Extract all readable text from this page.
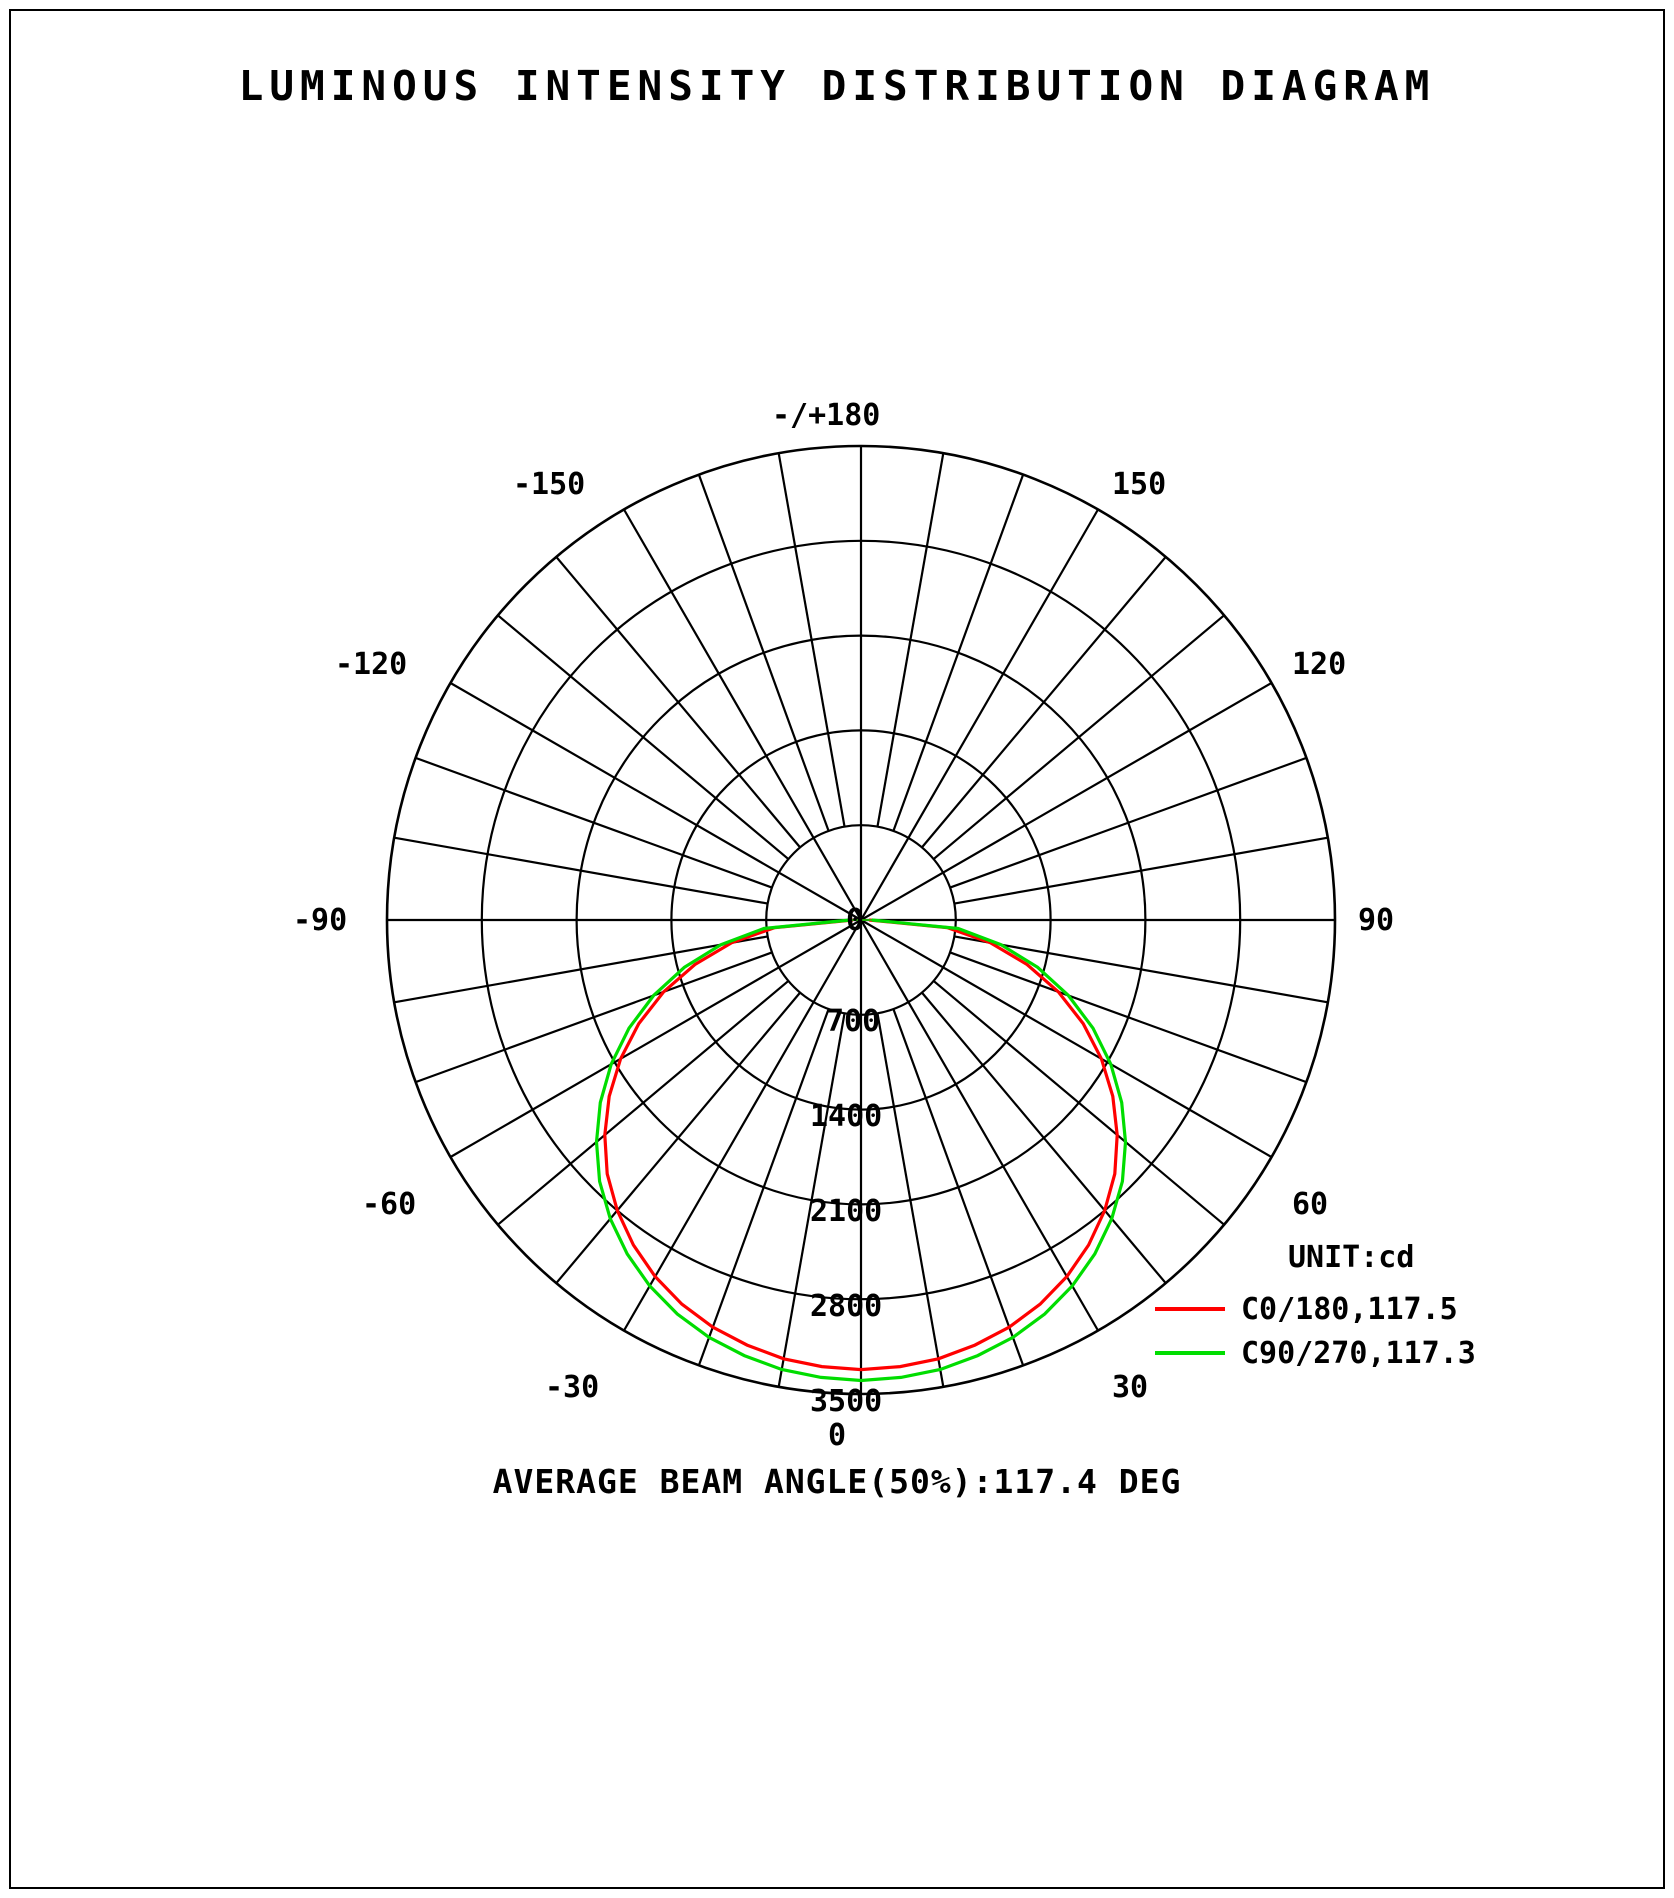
LUMINOUS INTENSITY DISTRIBUTION DIAGRAM
-/+180
-150	150
-120	120
-90	90
-60	60
-30	30
700
1400
2100
2800
3500
0
UNIT:cd
C0/180,117.5
C90/270,117.3
0
AVERAGE BEAM ANGLE(50%):117.4 DEG
